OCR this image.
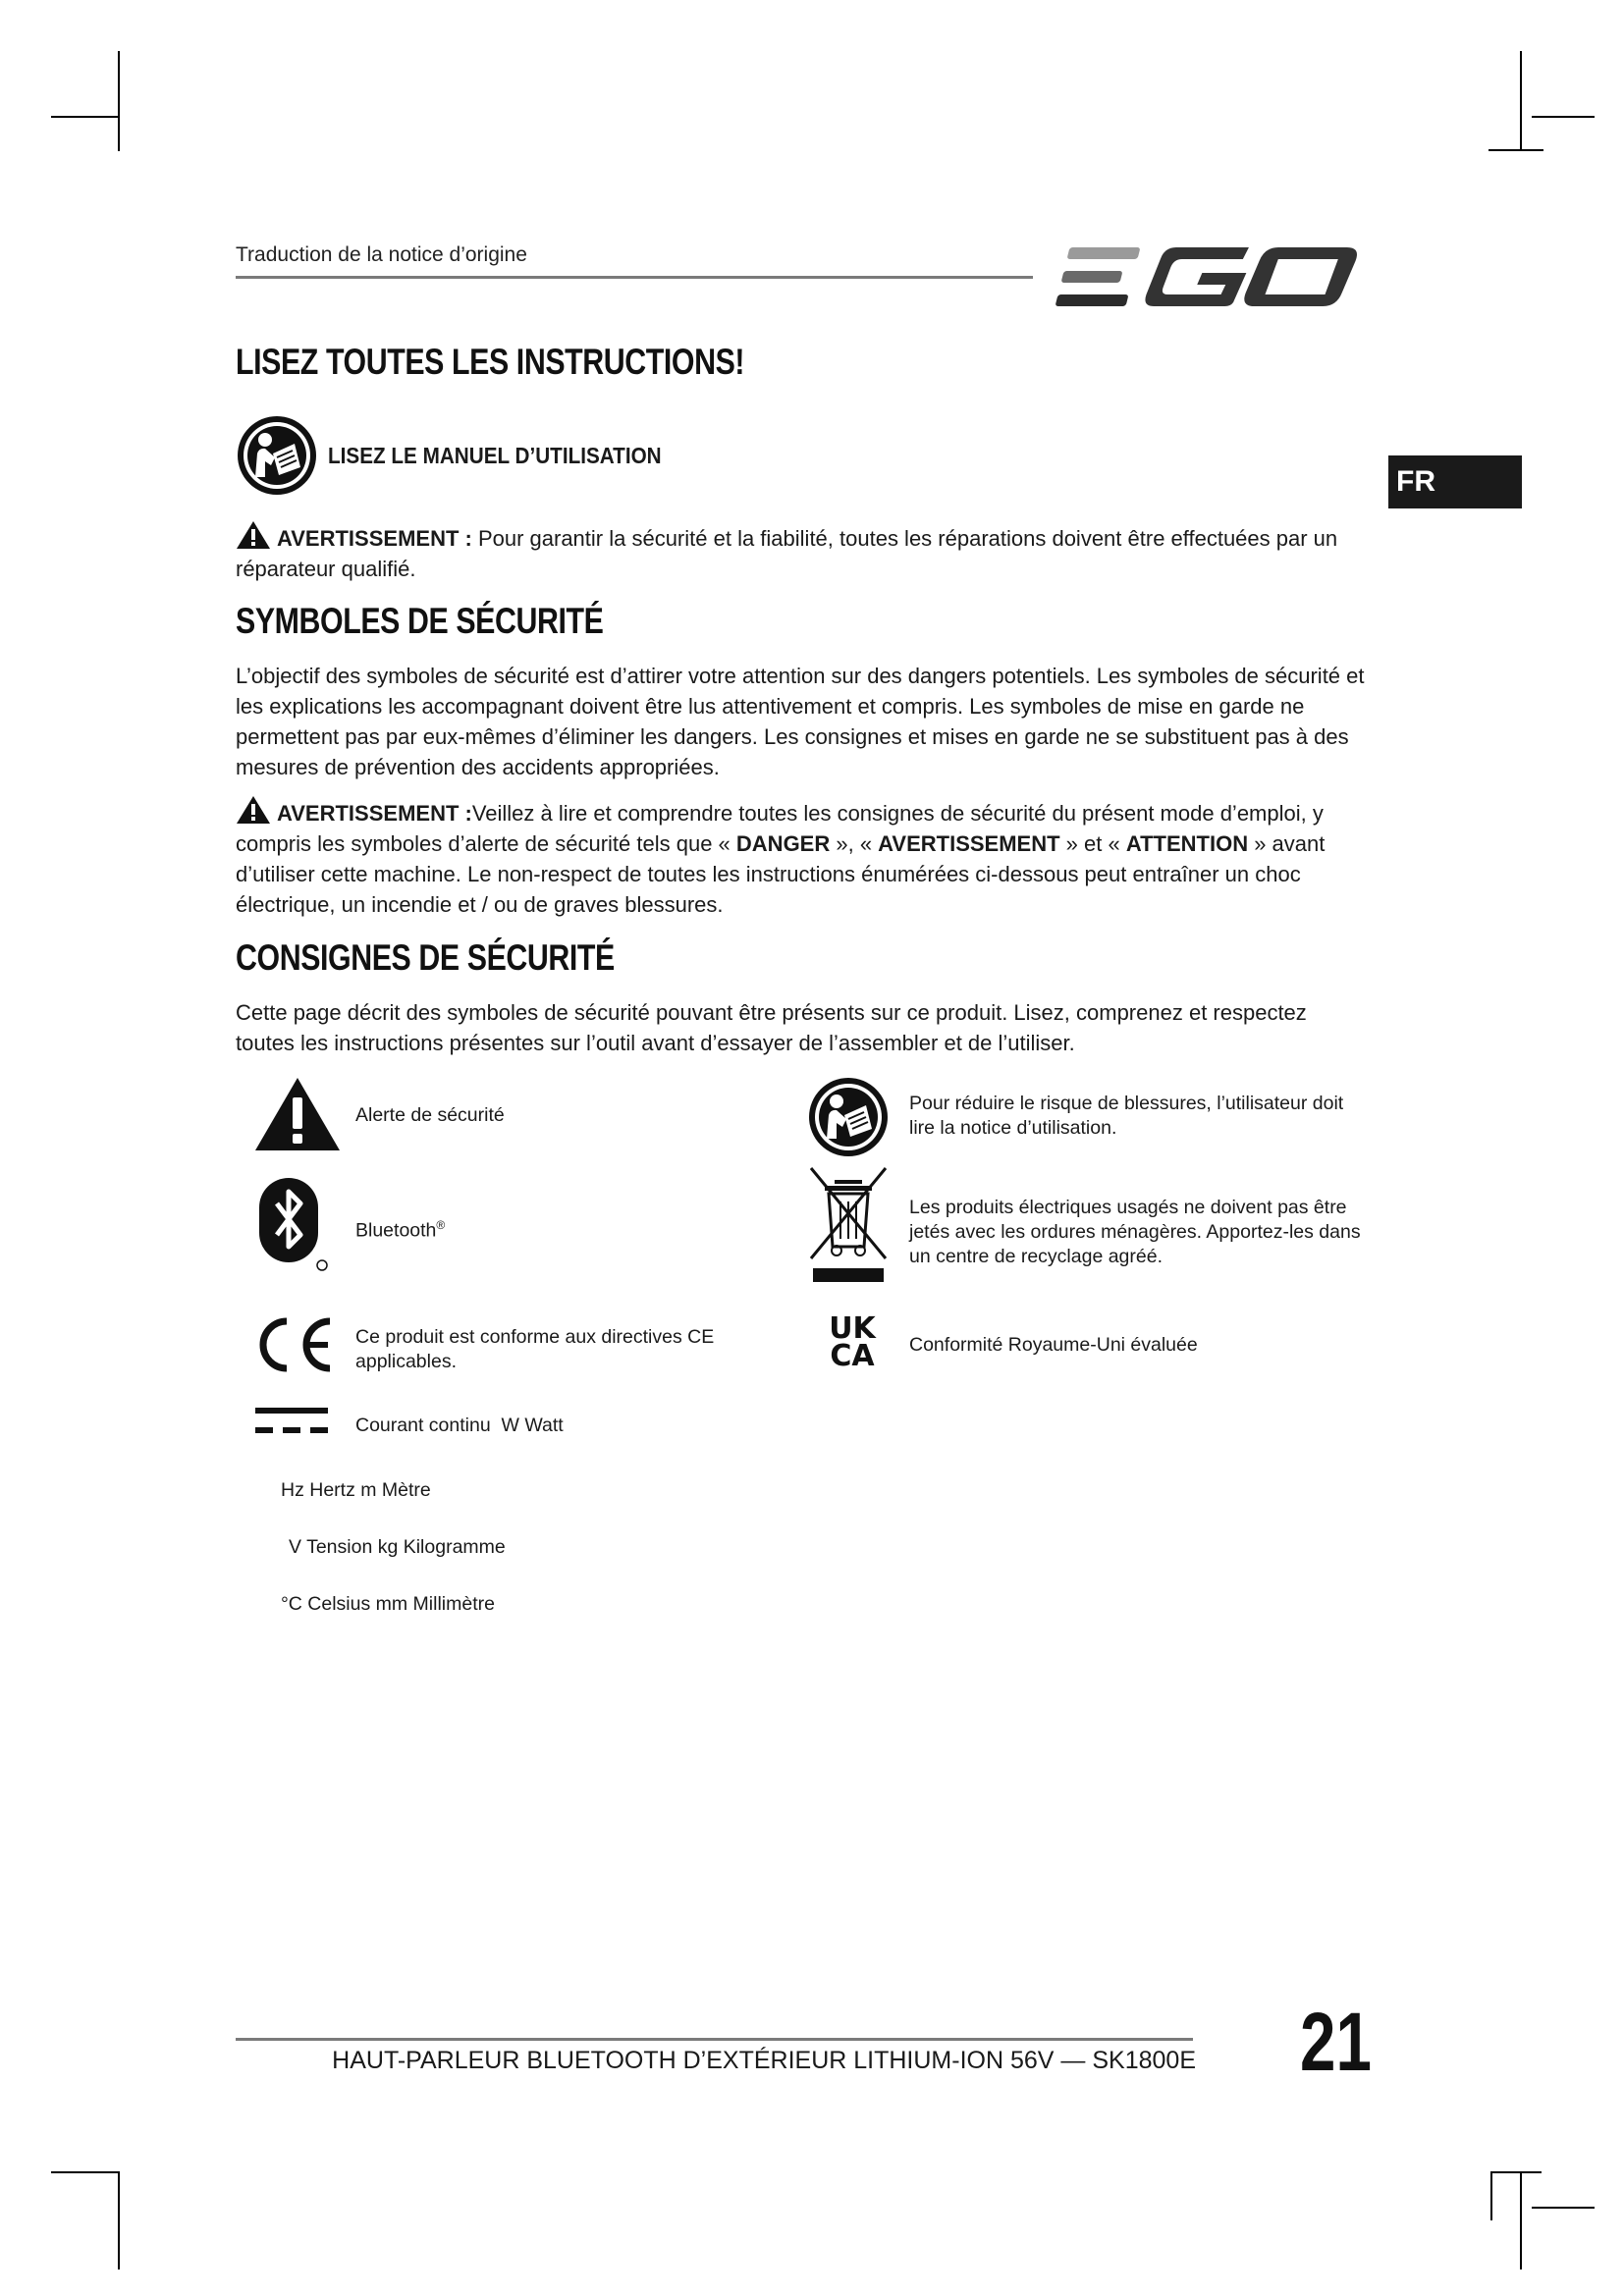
Traduction de la notice d’origine
FR
LISEZ TOUTES LES INSTRUCTIONS!
LISEZ LE MANUEL D’UTILISATION
AVERTISSEMENT : Pour garantir la sécurité et la fiabilité, toutes les réparations doivent être effectuées par un réparateur qualifié.
SYMBOLES DE SÉCURITÉ
L’objectif des symboles de sécurité est d’attirer votre attention sur des dangers potentiels. Les symboles de sécurité et les explications les accompagnant doivent être lus attentivement et compris. Les symboles de mise en garde ne permettent pas par eux-mêmes d’éliminer les dangers. Les consignes et mises en garde ne se substituent pas à des mesures de prévention des accidents appropriées.
AVERTISSEMENT :Veillez à lire et comprendre toutes les consignes de sécurité du présent mode d’emploi, y compris les symboles d’alerte de sécurité tels que « DANGER », « AVERTISSEMENT » et « ATTENTION » avant d’utiliser cette machine. Le non-respect de toutes les instructions énumérées ci-dessous peut entraîner un choc électrique, un incendie et / ou de graves blessures.
CONSIGNES DE SÉCURITÉ
Cette page décrit des symboles de sécurité pouvant être présents sur ce produit. Lisez, comprenez et respectez toutes les instructions présentes sur l’outil avant d’essayer de l’assembler et de l’utiliser.
Alerte de sécurité
Bluetooth®
Ce produit est conforme aux directives CE applicables.
Courant continu  W Watt
Hz Hertz m Mètre
V Tension kg Kilogramme
°C Celsius mm Millimètre
Pour réduire le risque de blessures, l’utilisateur doit lire la notice d’utilisation.
Les produits électriques usagés ne doivent pas être jetés avec les ordures ménagères. Apportez-les dans un centre de recyclage agréé.
UK
CA	Conformité Royaume-Uni évaluée
HAUT-PARLEUR BLUETOOTH D’EXTÉRIEUR LITHIUM-ION 56V — SK1800E 21
